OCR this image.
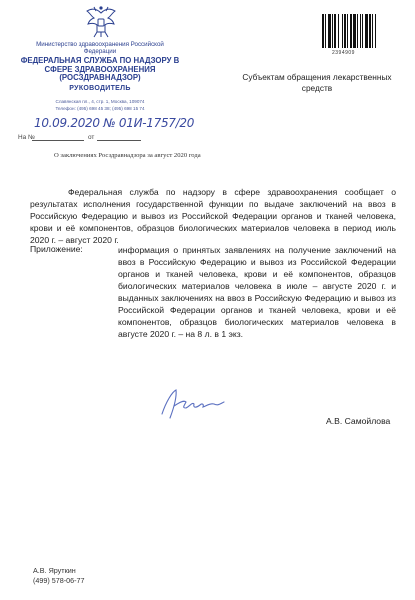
Министерство здравоохранения Российской Федерации
ФЕДЕРАЛЬНАЯ СЛУЖБА ПО НАДЗОРУ В СФЕРЕ ЗДРАВООХРАНЕНИЯ (РОСЗДРАВНАДЗОР)
РУКОВОДИТЕЛЬ
Славянская пл., 4, стр. 1, Москва, 109074
Телефон: (495) 698 45 38; (495) 698 15 74
10.09.2020 № 01И-1757/20
На №	от
О заключениях Росздравнадзора за август 2020 года
2394909
Субъектам обращения лекарственных средств

Федеральная служба по надзору в сфере здравоохранения сообщает о результатах исполнения государственной функции по выдаче заключений на ввоз в Российскую Федерацию и вывоз из Российской Федерации органов и тканей человека, крови и её компонентов, образцов биологических материалов человека в период июль 2020 г. – август 2020 г.

Приложение:	информация о принятых заявлениях на получение заключений на ввоз в Российскую Федерацию и вывоз из Российской Федерации органов и тканей человека, крови и её компонентов, образцов биологических материалов человека в июле – августе 2020 г. и выданных заключениях на ввоз в Российскую Федерацию и вывоз из Российской Федерации органов и тканей человека, крови и её компонентов, образцов биологических материалов человека в августе 2020 г. – на 8 л. в 1 экз.
А.В. Самойлова
А.В. Яруткин
(499) 578-06-77
